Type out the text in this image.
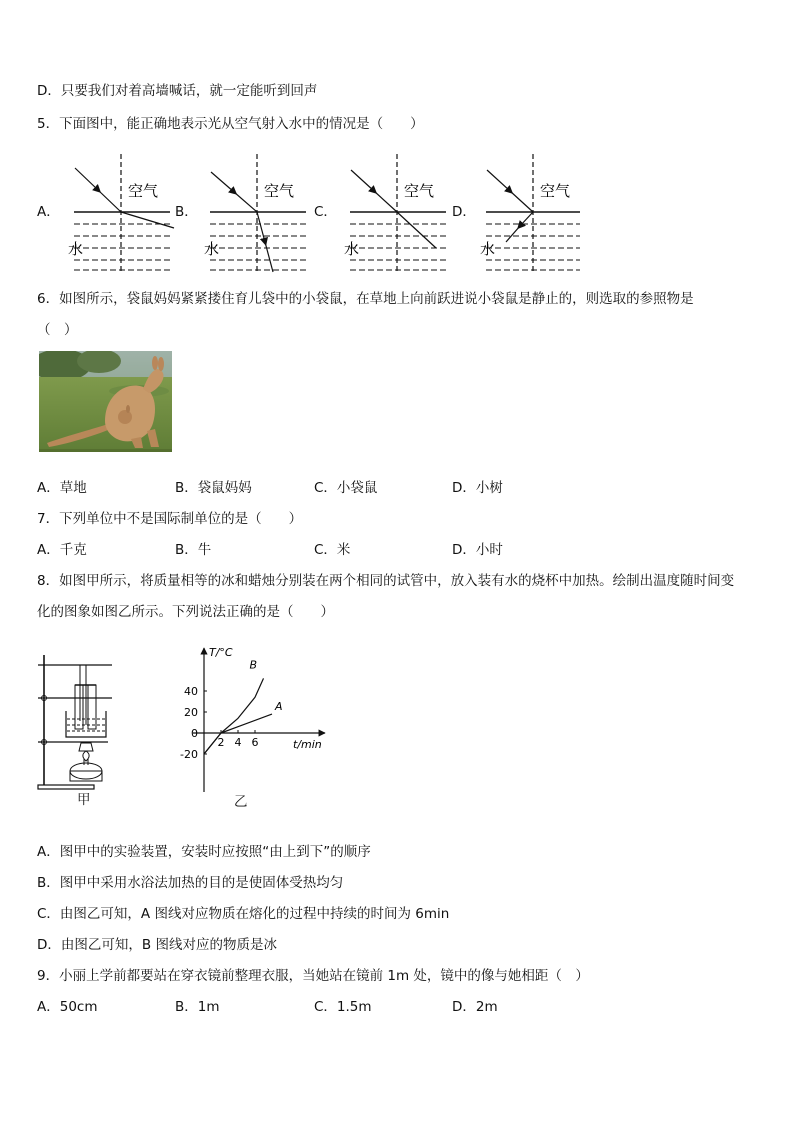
D．只要我们对着高墙喊话，就一定能听到回声
5．下面图中，能正确地表示光从空气射入水中的情况是（　　）
A．	B．	C．	D．
空气
水
空气
水
空气
水
空气
水
6．如图所示，袋鼠妈妈紧紧搂住育儿袋中的小袋鼠，在草地上向前跃进说小袋鼠是静止的，则选取的参照物是
（　）
A．草地	B．袋鼠妈妈	C．小袋鼠	D．小树
7．下列单位中不是国际制单位的是（　　）
A．千克	B．牛	C．米	D．小时
8．如图甲所示，将质量相等的冰和蜡烛分别装在两个相同的试管中，放入装有水的烧杯中加热。绘制出温度随时间变
化的图象如图乙所示。下列说法正确的是（　　）
甲
T/°C
t/min
40
20
0
-20
2 4 6
A
B
乙
A．图甲中的实验装置，安装时应按照“由上到下”的顺序
B．图甲中采用水浴法加热的目的是使固体受热均匀
C．由图乙可知，A 图线对应物质在熔化的过程中持续的时间为 6min
D．由图乙可知，B 图线对应的物质是冰
9．小丽上学前都要站在穿衣镜前整理衣服，当她站在镜前 1m 处，镜中的像与她相距（　）
A．50cm	B．1m	C．1.5m	D．2m
